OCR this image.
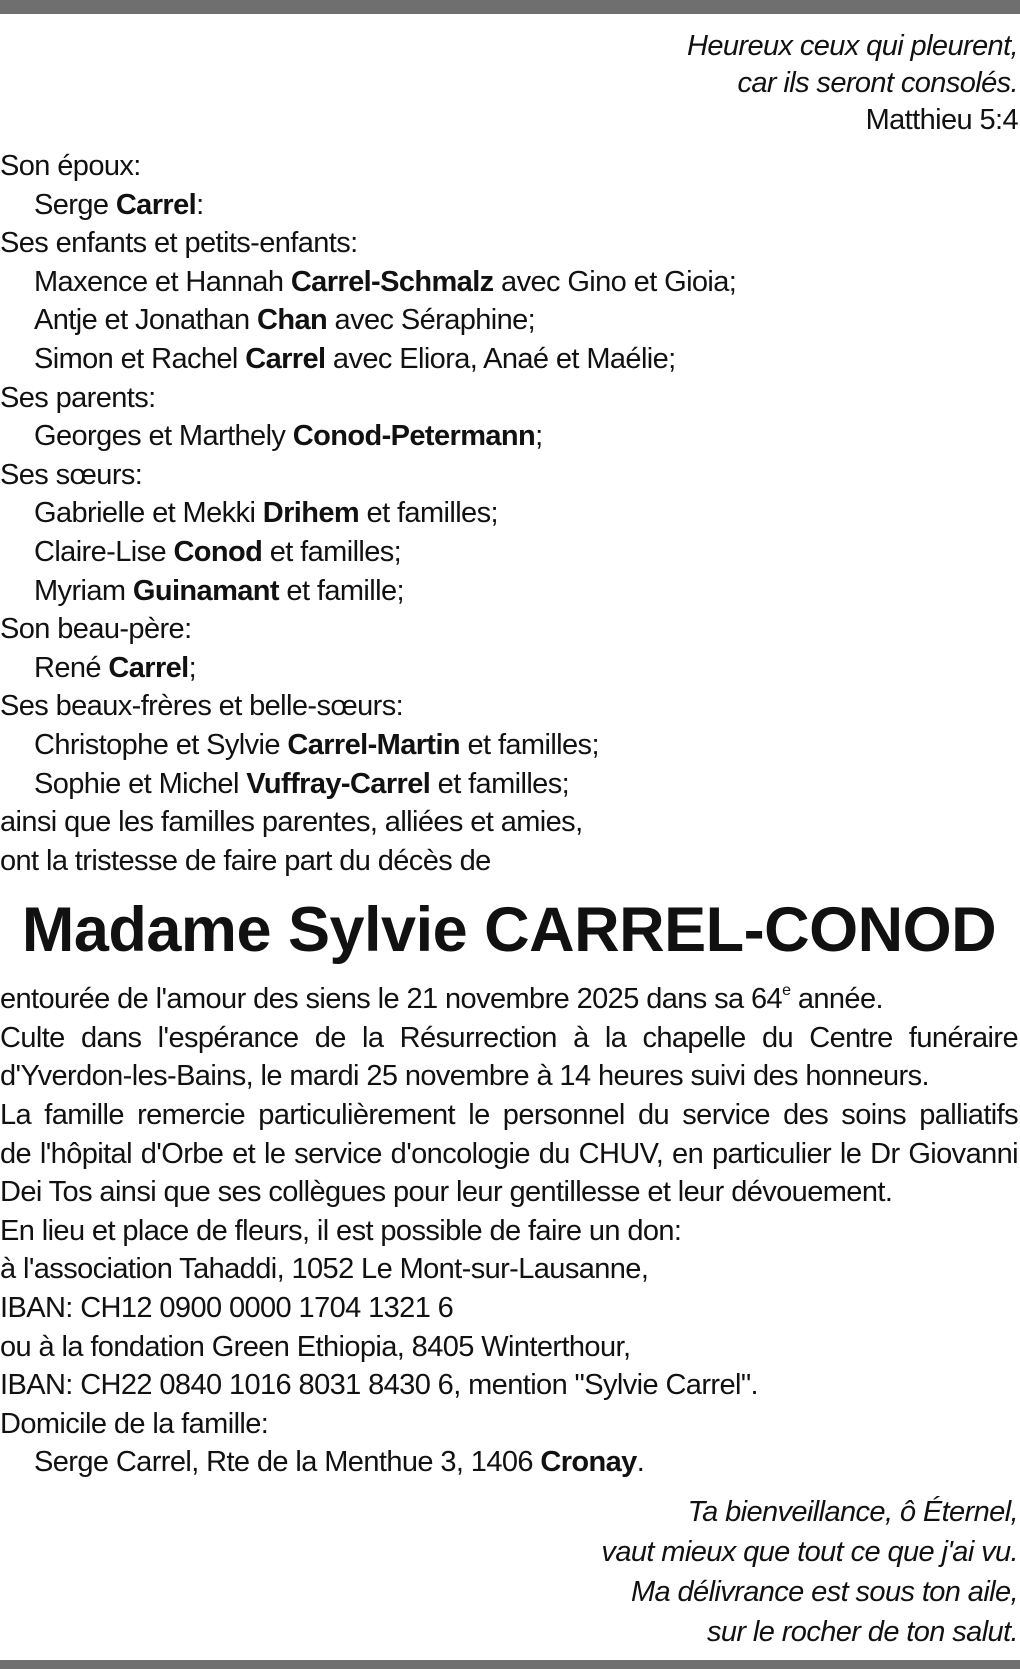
Heureux ceux qui pleurent,
car ils seront consolés.
Matthieu 5:4
Son époux:
Serge Carrel:
Ses enfants et petits-enfants:
Maxence et Hannah Carrel-Schmalz avec Gino et Gioia;
Antje et Jonathan Chan avec Séraphine;
Simon et Rachel Carrel avec Eliora, Anaé et Maélie;
Ses parents:
Georges et Marthely Conod-Petermann;
Ses sœurs:
Gabrielle et Mekki Drihem et familles;
Claire-Lise Conod et familles;
Myriam Guinamant et famille;
Son beau-père:
René Carrel;
Ses beaux-frères et belle-sœurs:
Christophe et Sylvie Carrel-Martin et familles;
Sophie et Michel Vuffray-Carrel et familles;
ainsi que les familles parentes, alliées et amies,
ont la tristesse de faire part du décès de
Madame Sylvie CARREL-CONOD
entourée de l'amour des siens le 21 novembre 2025 dans sa 64e année.
Culte dans l'espérance de la Résurrection à la chapelle du Centre funéraire
d'Yverdon-les-Bains, le mardi 25 novembre à 14 heures suivi des honneurs.
La famille remercie particulièrement le personnel du service des soins palliatifs
de l'hôpital d'Orbe et le service d'oncologie du CHUV, en particulier le Dr Giovanni
Dei Tos ainsi que ses collègues pour leur gentillesse et leur dévouement.
En lieu et place de fleurs, il est possible de faire un don:
à l'association Tahaddi, 1052 Le Mont-sur-Lausanne,
IBAN: CH12 0900 0000 1704 1321 6
ou à la fondation Green Ethiopia, 8405 Winterthour,
IBAN: CH22 0840 1016 8031 8430 6, mention "Sylvie Carrel".
Domicile de la famille:
Serge Carrel, Rte de la Menthue 3, 1406 Cronay.
Ta bienveillance, ô Éternel,
vaut mieux que tout ce que j'ai vu.
Ma délivrance est sous ton aile,
sur le rocher de ton salut.
